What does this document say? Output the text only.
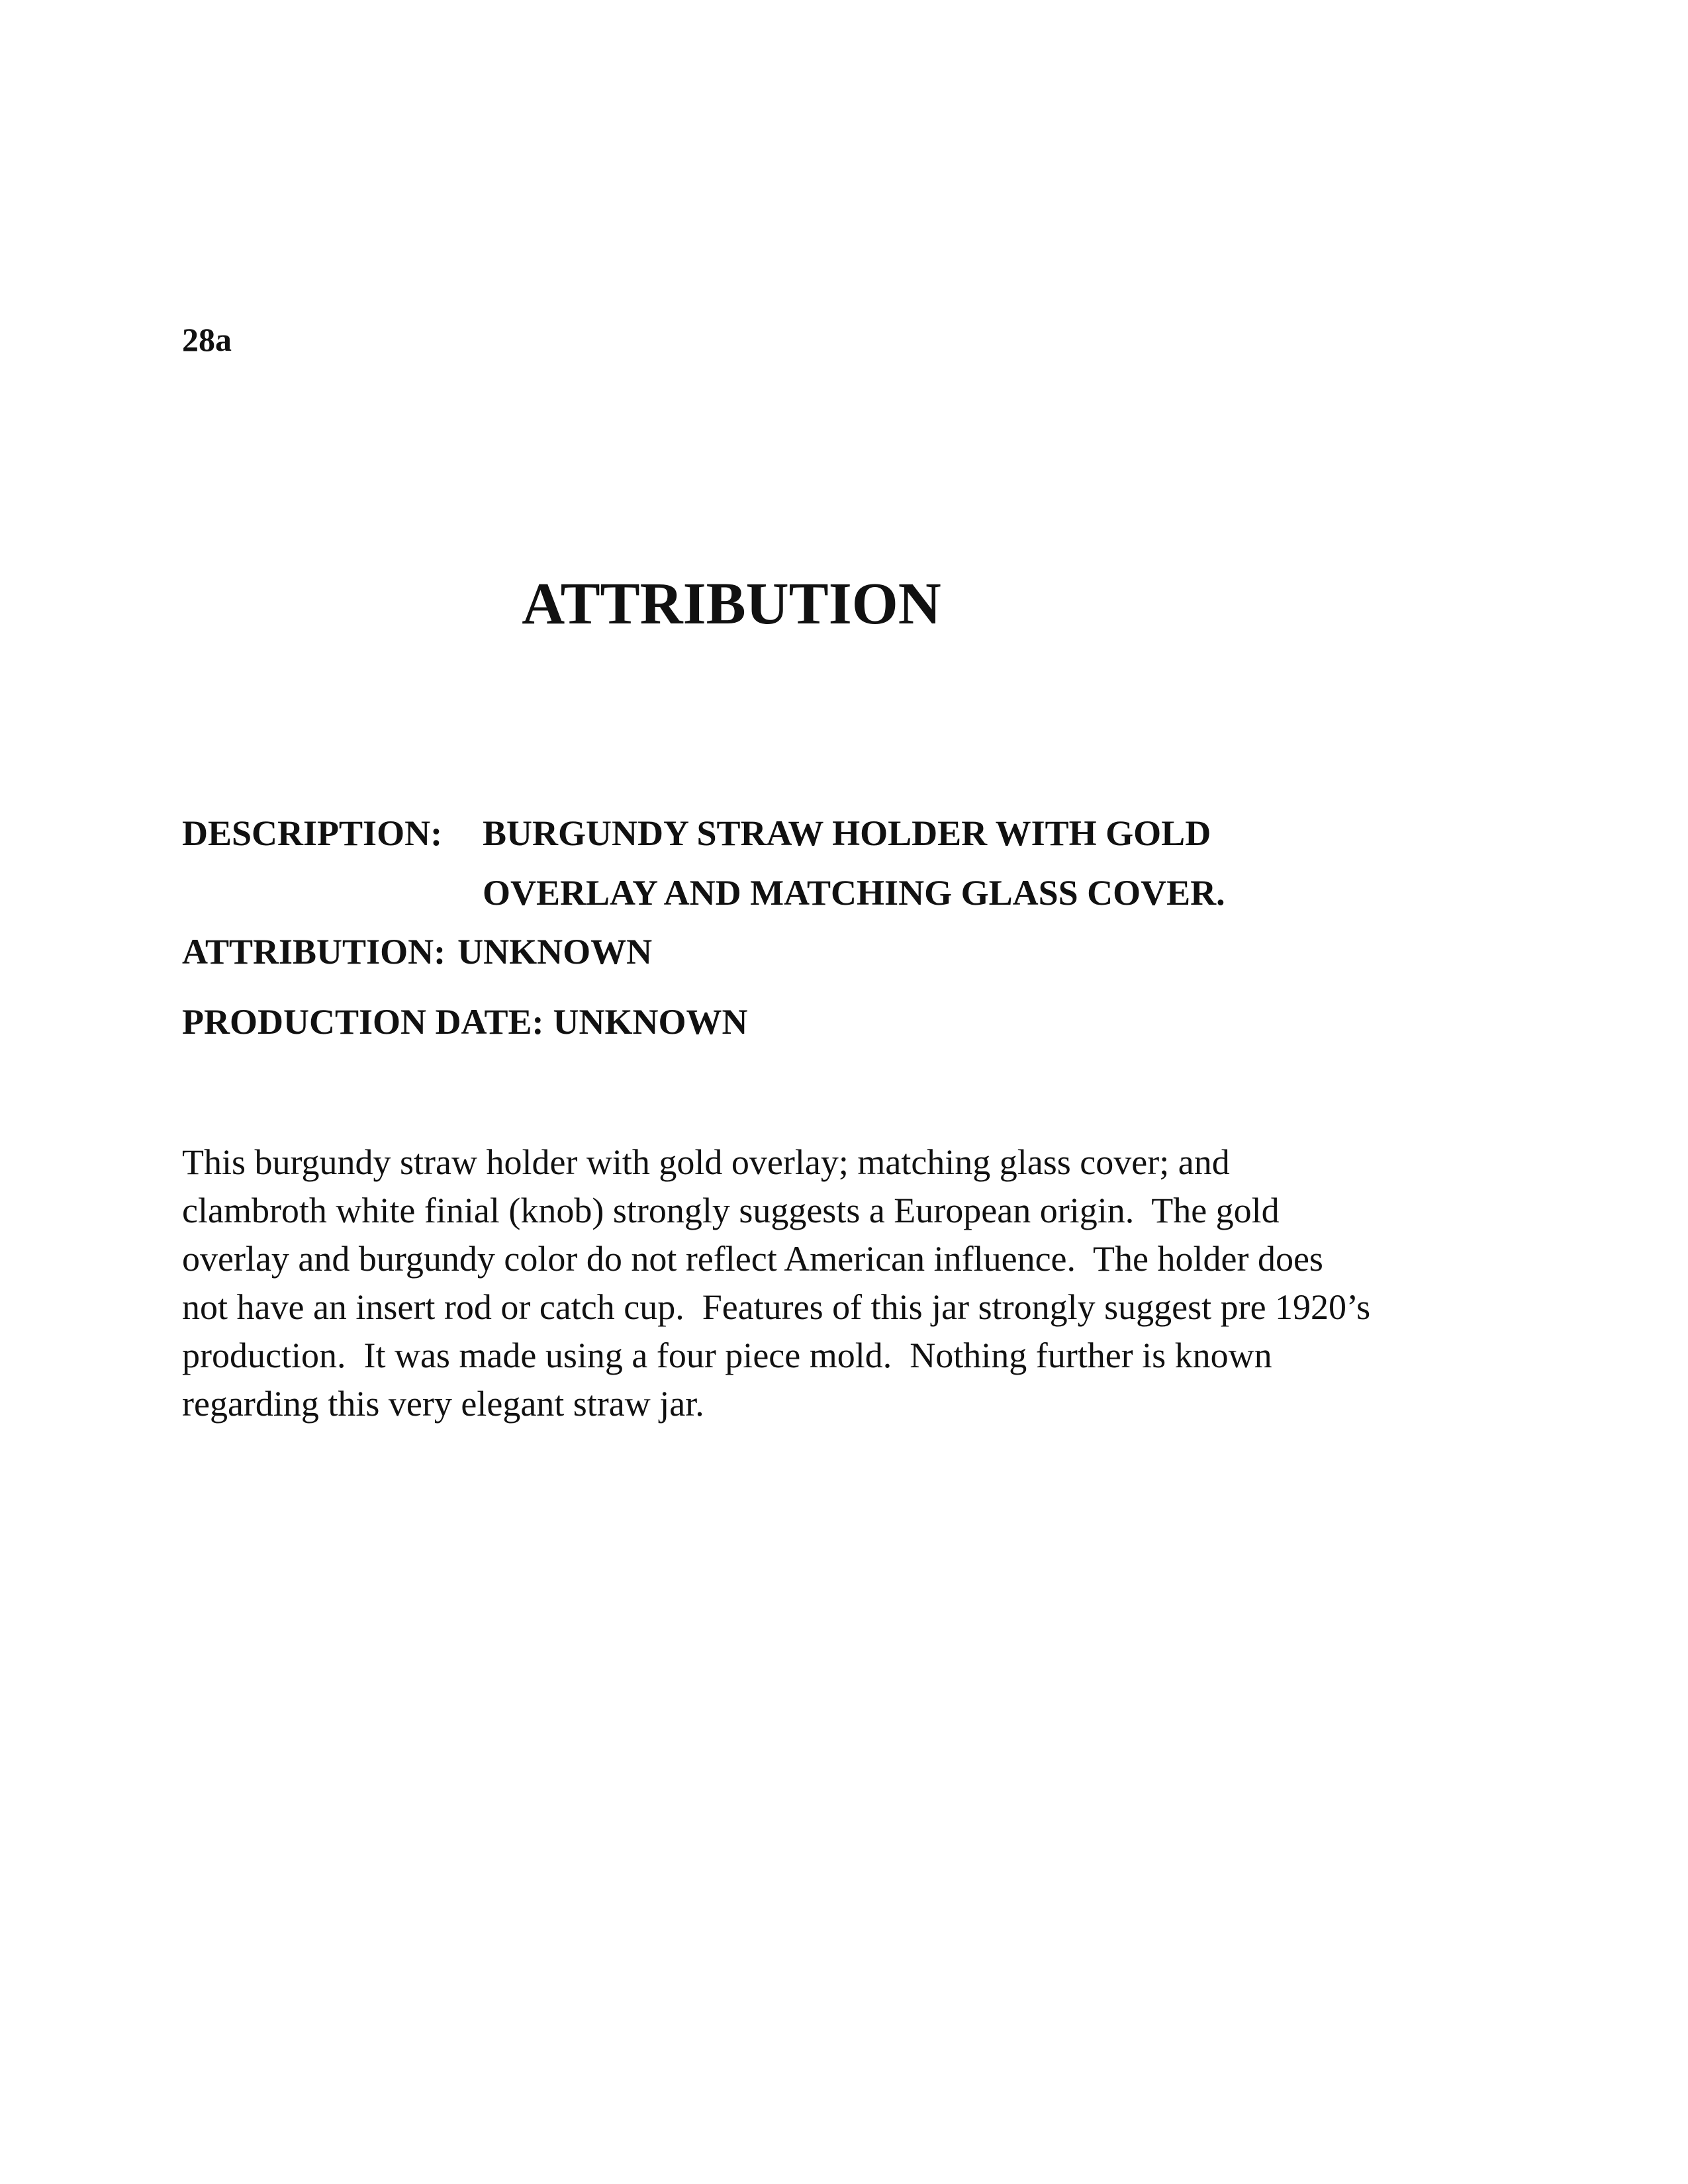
28a
ATTRIBUTION
DESCRIPTION: BURGUNDY STRAW HOLDER WITH GOLD
OVERLAY AND MATCHING GLASS COVER.
ATTRIBUTION: UNKNOWN
PRODUCTION DATE: UNKNOWN
This burgundy straw holder with gold overlay; matching glass cover; and
clambroth white finial (knob) strongly suggests a European origin.  The gold
overlay and burgundy color do not reflect American influence.  The holder does
not have an insert rod or catch cup.  Features of this jar strongly suggest pre 1920’s
production.  It was made using a four piece mold.  Nothing further is known
regarding this very elegant straw jar.
